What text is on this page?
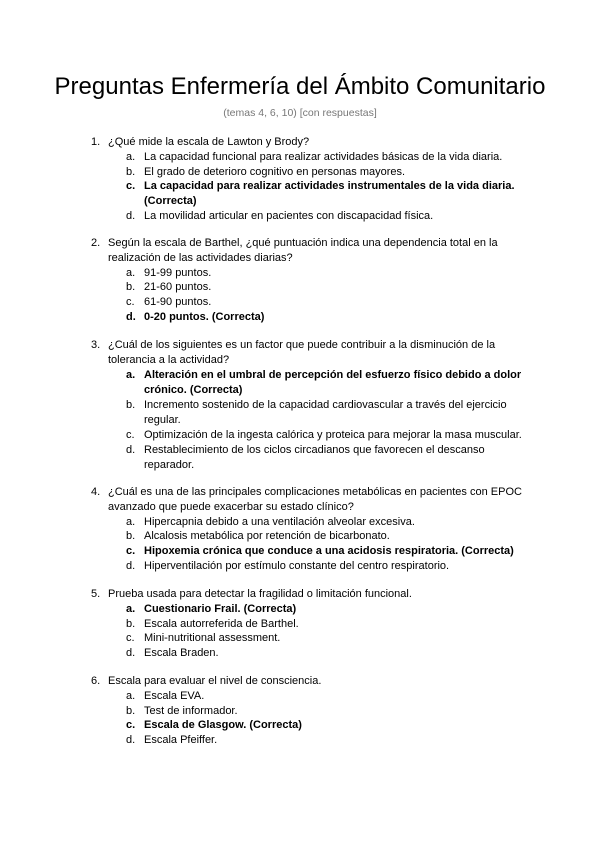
Preguntas Enfermería del Ámbito Comunitario
(temas 4, 6, 10) [con respuestas]
1. ¿Qué mide la escala de Lawton y Brody?
a. La capacidad funcional para realizar actividades básicas de la vida diaria.
b. El grado de deterioro cognitivo en personas mayores.
c. La capacidad para realizar actividades instrumentales de la vida diaria. (Correcta)
d. La movilidad articular en pacientes con discapacidad física.
2. Según la escala de Barthel, ¿qué puntuación indica una dependencia total en la realización de las actividades diarias?
a. 91-99 puntos.
b. 21-60 puntos.
c. 61-90 puntos.
d. 0-20 puntos. (Correcta)
3. ¿Cuál de los siguientes es un factor que puede contribuir a la disminución de la tolerancia a la actividad?
a. Alteración en el umbral de percepción del esfuerzo físico debido a dolor crónico. (Correcta)
b. Incremento sostenido de la capacidad cardiovascular a través del ejercicio regular.
c. Optimización de la ingesta calórica y proteica para mejorar la masa muscular.
d. Restablecimiento de los ciclos circadianos que favorecen el descanso reparador.
4. ¿Cuál es una de las principales complicaciones metabólicas en pacientes con EPOC avanzado que puede exacerbar su estado clínico?
a. Hipercapnia debido a una ventilación alveolar excesiva.
b. Alcalosis metabólica por retención de bicarbonato.
c. Hipoxemia crónica que conduce a una acidosis respiratoria. (Correcta)
d. Hiperventilación por estímulo constante del centro respiratorio.
5. Prueba usada para detectar la fragilidad o limitación funcional.
a. Cuestionario Frail. (Correcta)
b. Escala autorreferida de Barthel.
c. Mini-nutritional assessment.
d. Escala Braden.
6. Escala para evaluar el nivel de consciencia.
a. Escala EVA.
b. Test de informador.
c. Escala de Glasgow. (Correcta)
d. Escala Pfeiffer.
